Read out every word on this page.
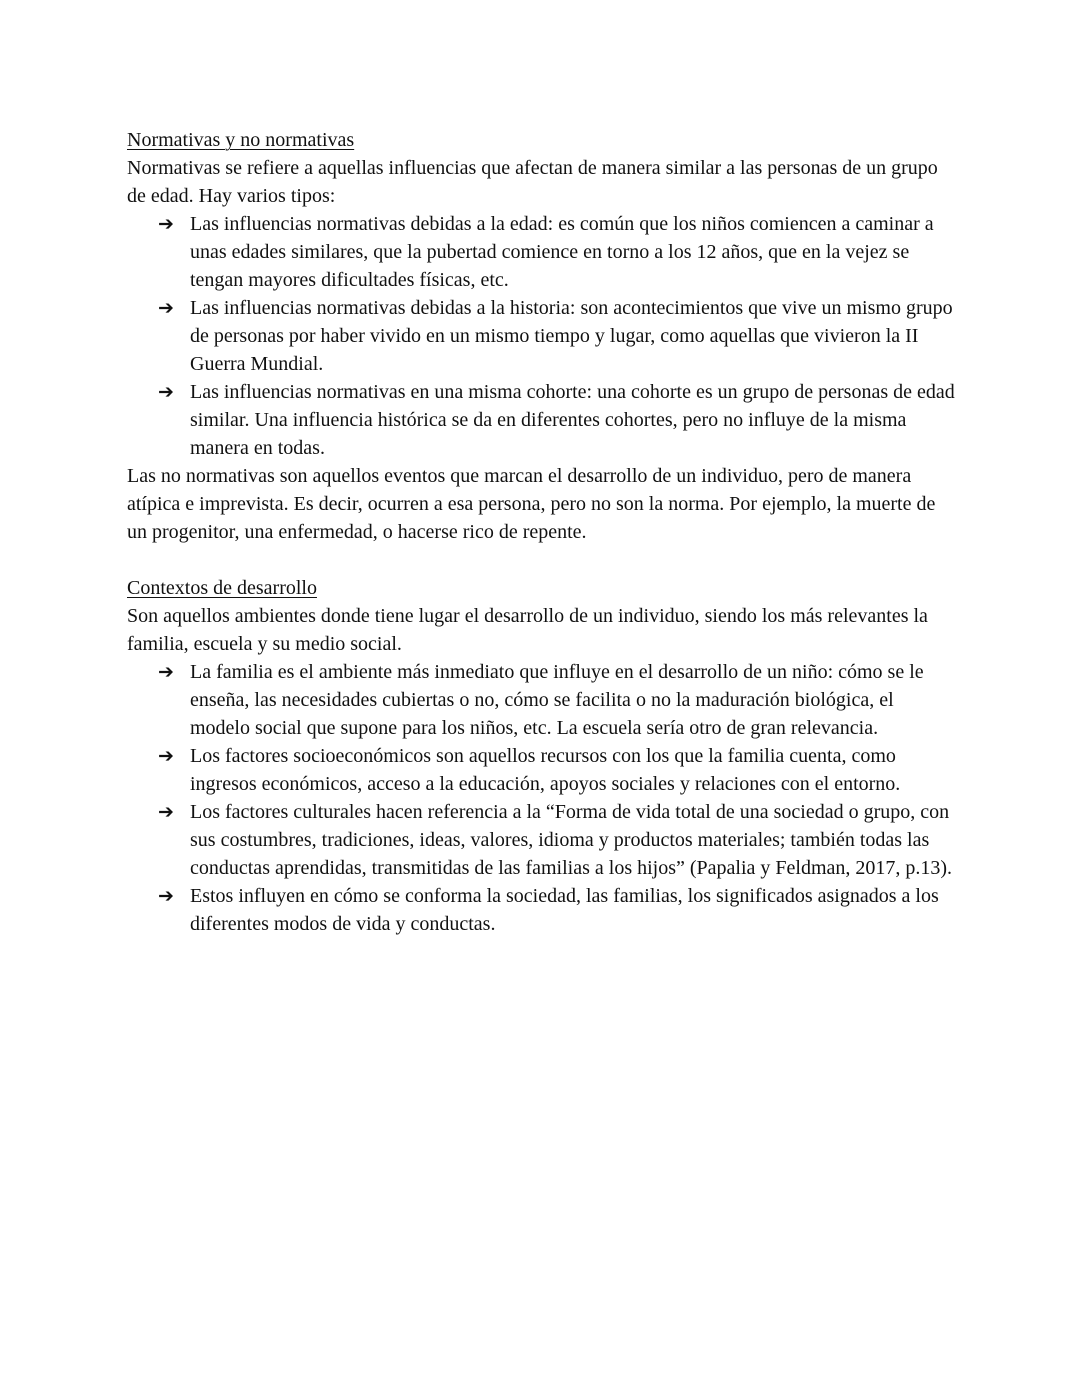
Normativas y no normativas

Normativas se refiere a aquellas influencias que afectan de manera similar a las personas de un grupo de edad. Hay varios tipos:

➔ Las influencias normativas debidas a la edad: es común que los niños comiencen a caminar a unas edades similares, que la pubertad comience en torno a los 12 años, que en la vejez se tengan mayores dificultades físicas, etc.
➔ Las influencias normativas debidas a la historia: son acontecimientos que vive un mismo grupo de personas por haber vivido en un mismo tiempo y lugar, como aquellas que vivieron la II Guerra Mundial.
➔ Las influencias normativas en una misma cohorte: una cohorte es un grupo de personas de edad similar. Una influencia histórica se da en diferentes cohortes, pero no influye de la misma manera en todas.

Las no normativas son aquellos eventos que marcan el desarrollo de un individuo, pero de manera atípica e imprevista. Es decir, ocurren a esa persona, pero no son la norma. Por ejemplo, la muerte de un progenitor, una enfermedad, o hacerse rico de repente.

Contextos de desarrollo

Son aquellos ambientes donde tiene lugar el desarrollo de un individuo, siendo los más relevantes la familia, escuela y su medio social.

➔ La familia es el ambiente más inmediato que influye en el desarrollo de un niño: cómo se le enseña, las necesidades cubiertas o no, cómo se facilita o no la maduración biológica, el modelo social que supone para los niños, etc. La escuela sería otro de gran relevancia.
➔ Los factores socioeconómicos son aquellos recursos con los que la familia cuenta, como ingresos económicos, acceso a la educación, apoyos sociales y relaciones con el entorno.
➔ Los factores culturales hacen referencia a la “Forma de vida total de una sociedad o grupo, con sus costumbres, tradiciones, ideas, valores, idioma y productos materiales; también todas las conductas aprendidas, transmitidas de las familias a los hijos” (Papalia y Feldman, 2017, p.13).
➔ Estos influyen en cómo se conforma la sociedad, las familias, los significados asignados a los diferentes modos de vida y conductas.
